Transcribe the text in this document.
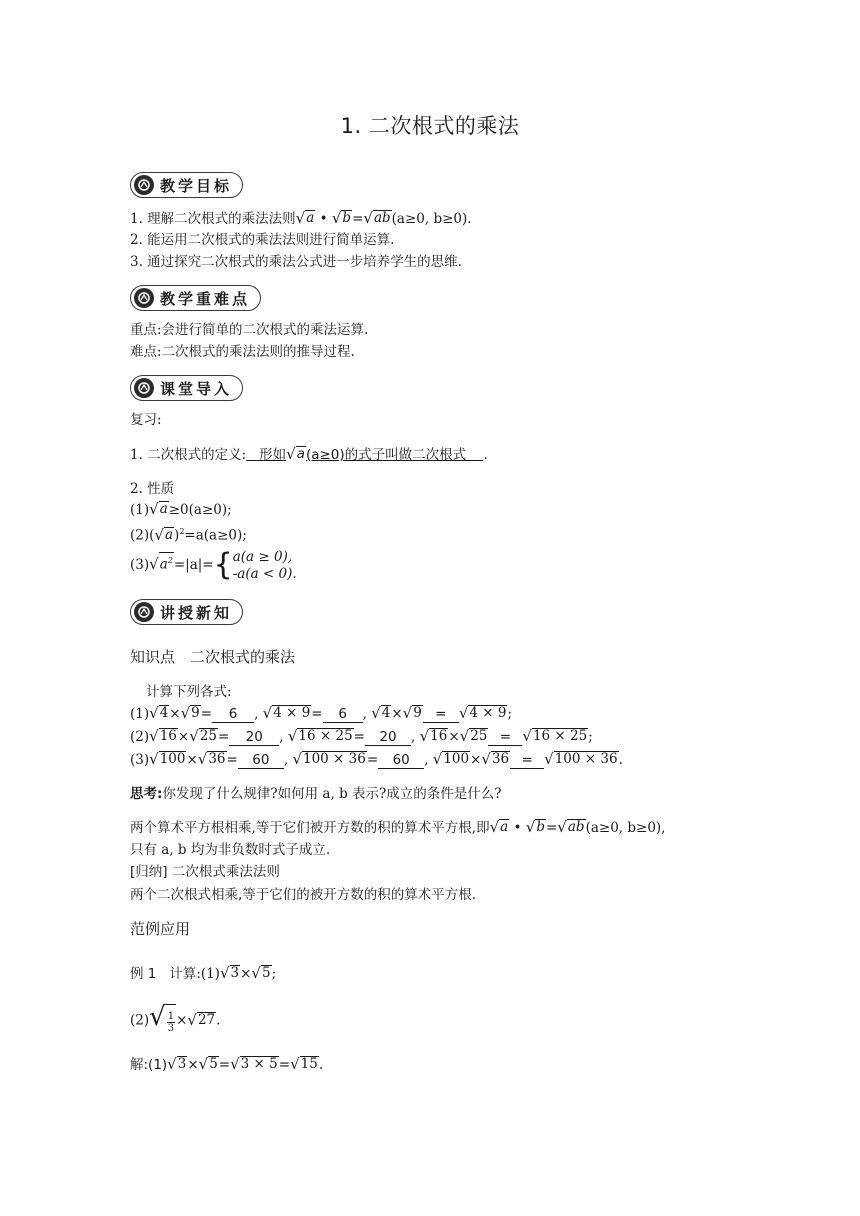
1. 二次根式的乘法
教学目标
1. 理解二次根式的乘法法则 √ a • √ b = √ ab (a≥0, b≥0).
2. 能运用二次根式的乘法法则进行简单运算.
3. 通过探究二次根式的乘法公式进一步培养学生的思维.
教学重难点
重点:会进行简单的二次根式的乘法运算.
难点:二次根式的乘法法则的推导过程.
课堂导入
复习:
1. 二次根式的定义: 形如 √ a (a≥0)的式子叫做二次根式 .
2. 性质
(1) √ a ≥0(a≥0);
(2)( √ a )$^2$=a(a≥0);
(3) √ $a^2 =|a|=${ a(a ≥ 0),
-a(a < 0).
讲授新知
知识点　二次根式的乘法
计算下列各式:
(1) √ 4 × √ 9 = 6 , √ 4 × 9 = 6 , √ 4 × √ 9 = √ 4 × 9 ;
(2) √ 16 × √ 25 = 20 , √ 16 × 25 = 20 , √ 16 × √ 25 = √ 16 × 25 ;
(3) √ 100 × √ 36 = 60 , √ 100 × 36 = 60 , √ 100 × √ 36 = √ 100 × 36 .
思考:你发现了什么规律?如何用 a, b 表示?成立的条件是什么?
两个算术平方根相乘,等于它们被开方数的积的算术平方根,即 √ a • √ b = √ ab (a≥0, b≥0),
只有 a, b 均为非负数时式子成立.
[归纳] 二次根式乘法法则
两个二次根式相乘,等于它们的被开方数的积的算术平方根.
范例应用
例 1 计算:(1) √ 3 × √ 5 ;
(2) √ $\frac{1}{3}$ × √ 27 .
解:(1) √ 3 × √ 5 = √ 3 × 5 = √ 15 .
